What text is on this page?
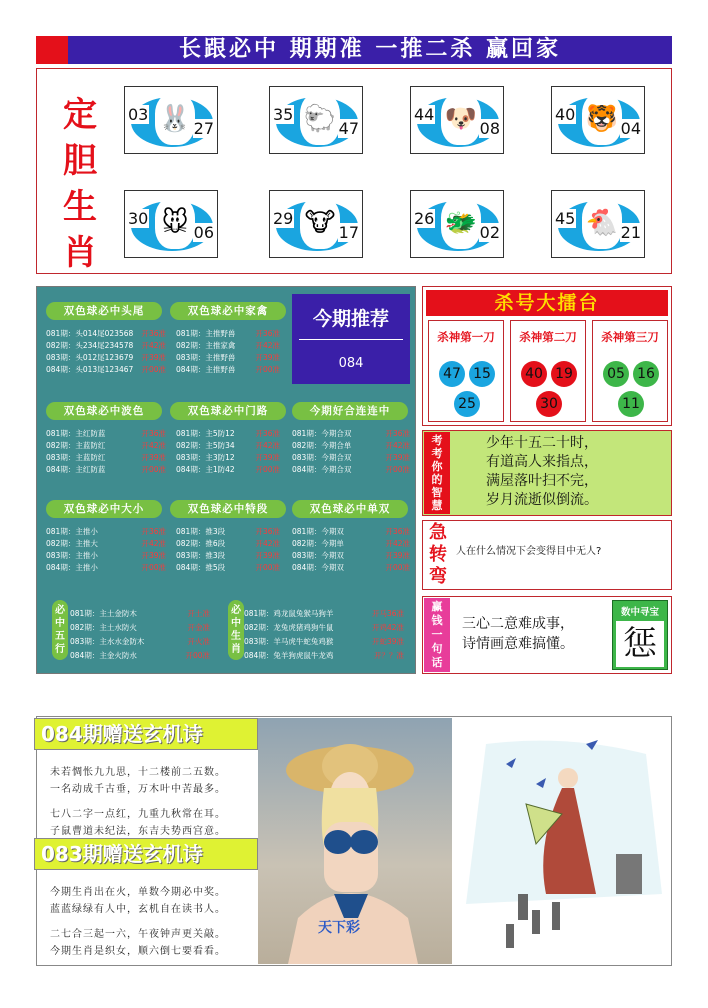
长跟必中 期期准 一推二杀 赢回家
定
胆
生
肖
🐰
03
27	🐑
35
47	🐶
44
08	🐯
40
04
🐭
30
06	🐮
29
17	🐲
26
02	🐔
45
21
双色球必中头尾
081期：头014尾023568 开36准
082期：头234尾234578 开42准
083期：头012尾123679 开39准
084期：头013尾123467 开00准
双色球必中家禽
081期：主推野兽	开36准
082期：主推家禽	开42准
083期：主推野兽	开39准
084期：主推野兽	开00准
双色球必中波色
081期：主红防蓝	开36准
082期：主蓝防红	开42准
083期：主蓝防红	开39准
084期：主红防蓝	开00准
双色球必中门路
081期：主5防12	开36准
082期：主5防34	开42准
083期：主3防12	开39准
084期：主1防42	开00准
今期好合连连中
081期：今期合双	开36准
082期：今期合单	开42准
083期：今期合双	开39准
084期：今期合双	开00准
双色球必中大小
081期：主推小	开36准
082期：主推大	开42准
083期：主推小	开39准
084期：主推小	开00准
双色球必中特段
081期：推3段	开36准
082期：推6段	开42准
083期：推3段	开39准
084期：推5段	开00准
双色球必中单双
081期：今期双	开36准
082期：今期单	开42准
083期：今期双	开39准
084期：今期双	开00准
必
中
五
行
081期：主土金防木	开土准
082期：主土水防火	开金准
083期：主水水金防木	开火准
084期：主金火防水	开00准
必
中
生
肖
081期：鸡龙鼠兔猴马狗羊	开马36准
082期：龙兔虎猪鸡狗牛鼠	开鸡42准
083期：羊马虎牛蛇兔鸡猴	开蛇39准
084期：兔羊狗虎鼠牛龙鸡	开？？准
今期推荐
084
杀号大擂台
杀神第一刀
47 15
25
杀神第二刀
40 19
30
杀神第三刀
05 16
11
考
考
你
的
智
慧
少年十五二十时，
有道高人来指点，
满屋落叶扫不完，
岁月流逝似倒流。
急
转
弯
人在什么情况下会变得目中无人?
赢
钱
一
句
话
三心二意难成事，
诗情画意难搞懂。
数中寻宝
惩
084期赠送玄机诗
未若惆怅九九思，十二楼前二五数。
一名动成千古垂，万木叶中苦最多。
七八二字一点红，九重九秋常在耳。
子鼠曹道未纪法，东吉夫势西宫意。
083期赠送玄机诗
今期生肖出在火，单数今期必中奖。
蓝蓝绿绿有人中，玄机自在读书人。
二七合三起一六，午夜钟声更关敲。
今期生肖是织女，顺六倒七要看看。
天下彩
